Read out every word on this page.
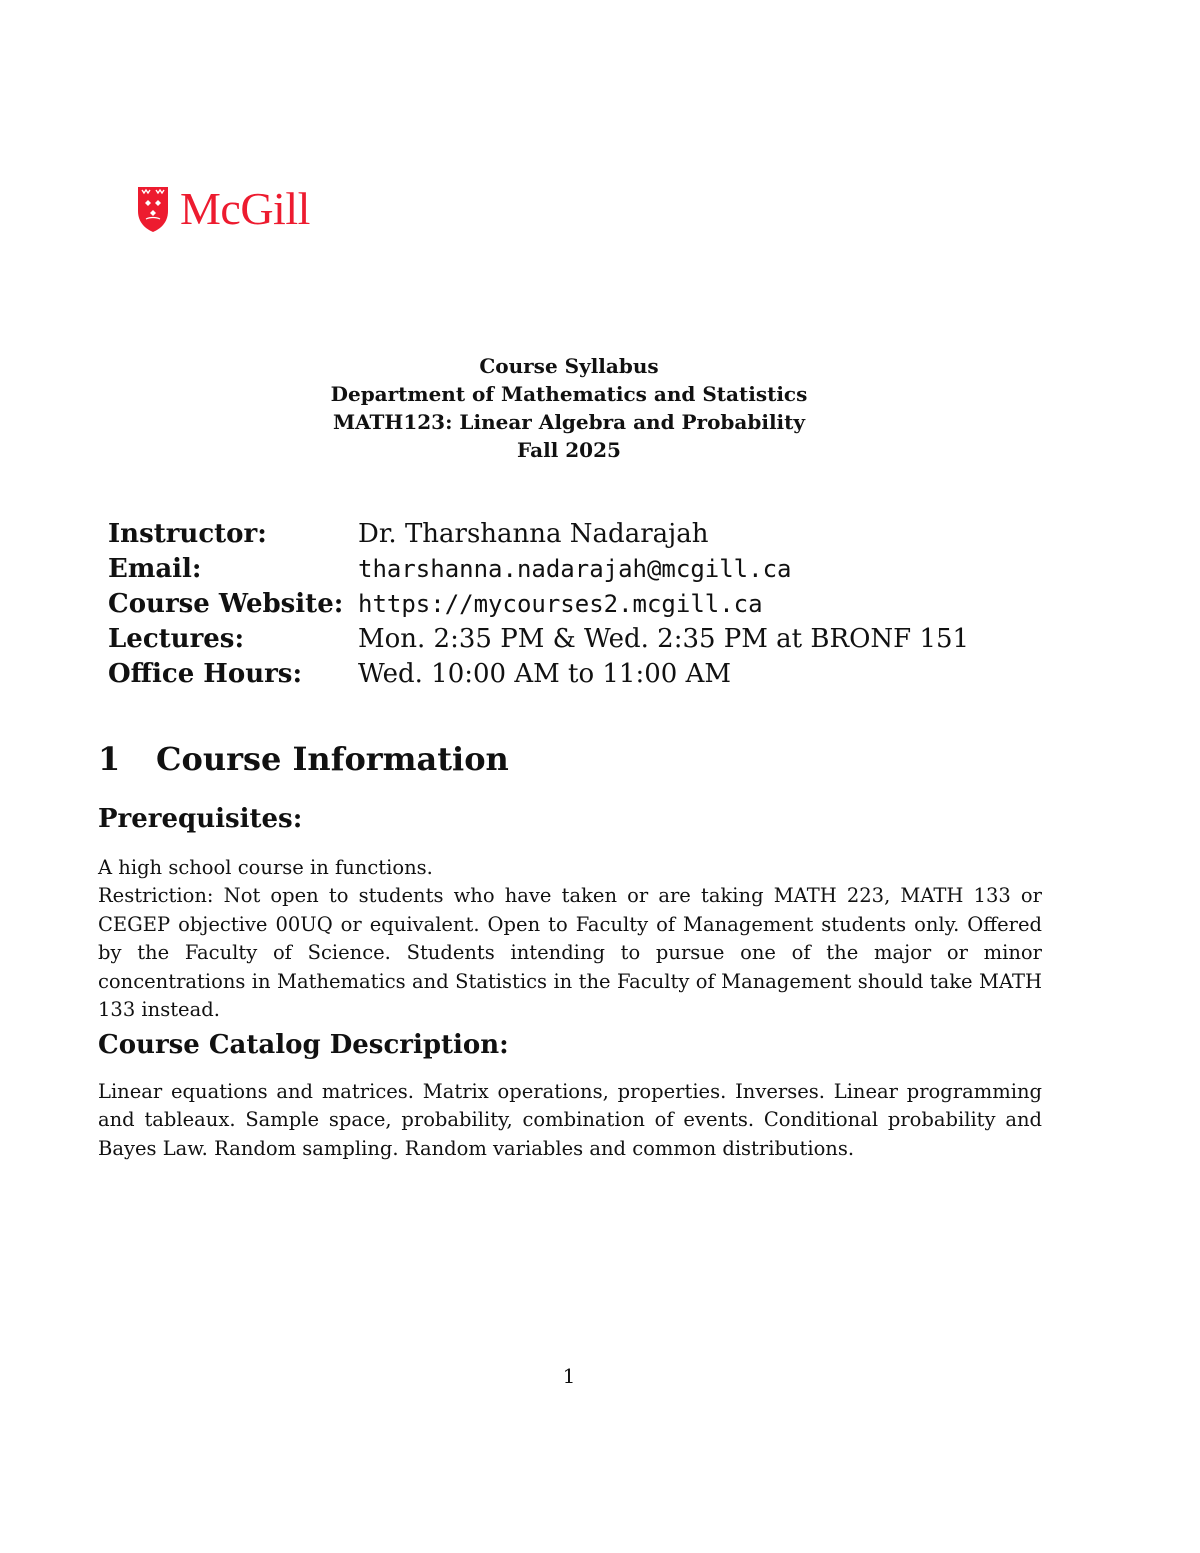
McGill
Course Syllabus
Department of Mathematics and Statistics
MATH123: Linear Algebra and Probability
Fall 2025
Instructor:	Dr. Tharshanna Nadarajah
Email:	tharshanna.nadarajah@mcgill.ca
Course Website: https://mycourses2.mcgill.ca
Lectures:	Mon. 2:35 PM & Wed. 2:35 PM at BRONF 151
Office Hours:	Wed. 10:00 AM to 11:00 AM
1 Course Information
Prerequisites:
A high school course in functions.
Restriction: Not open to students who have taken or are taking MATH 223, MATH 133 or CEGEP objective 00UQ or equivalent. Open to Faculty of Management students only. Offered by the Faculty of Science. Students intending to pursue one of the major or minor concentrations in Mathematics and Statistics in the Faculty of Management should take MATH 133 instead.
Course Catalog Description:
Linear equations and matrices. Matrix operations, properties. Inverses. Linear programming and tableaux. Sample space, probability, combination of events. Conditional probability and Bayes Law. Random sampling. Random variables and common distributions.
1
